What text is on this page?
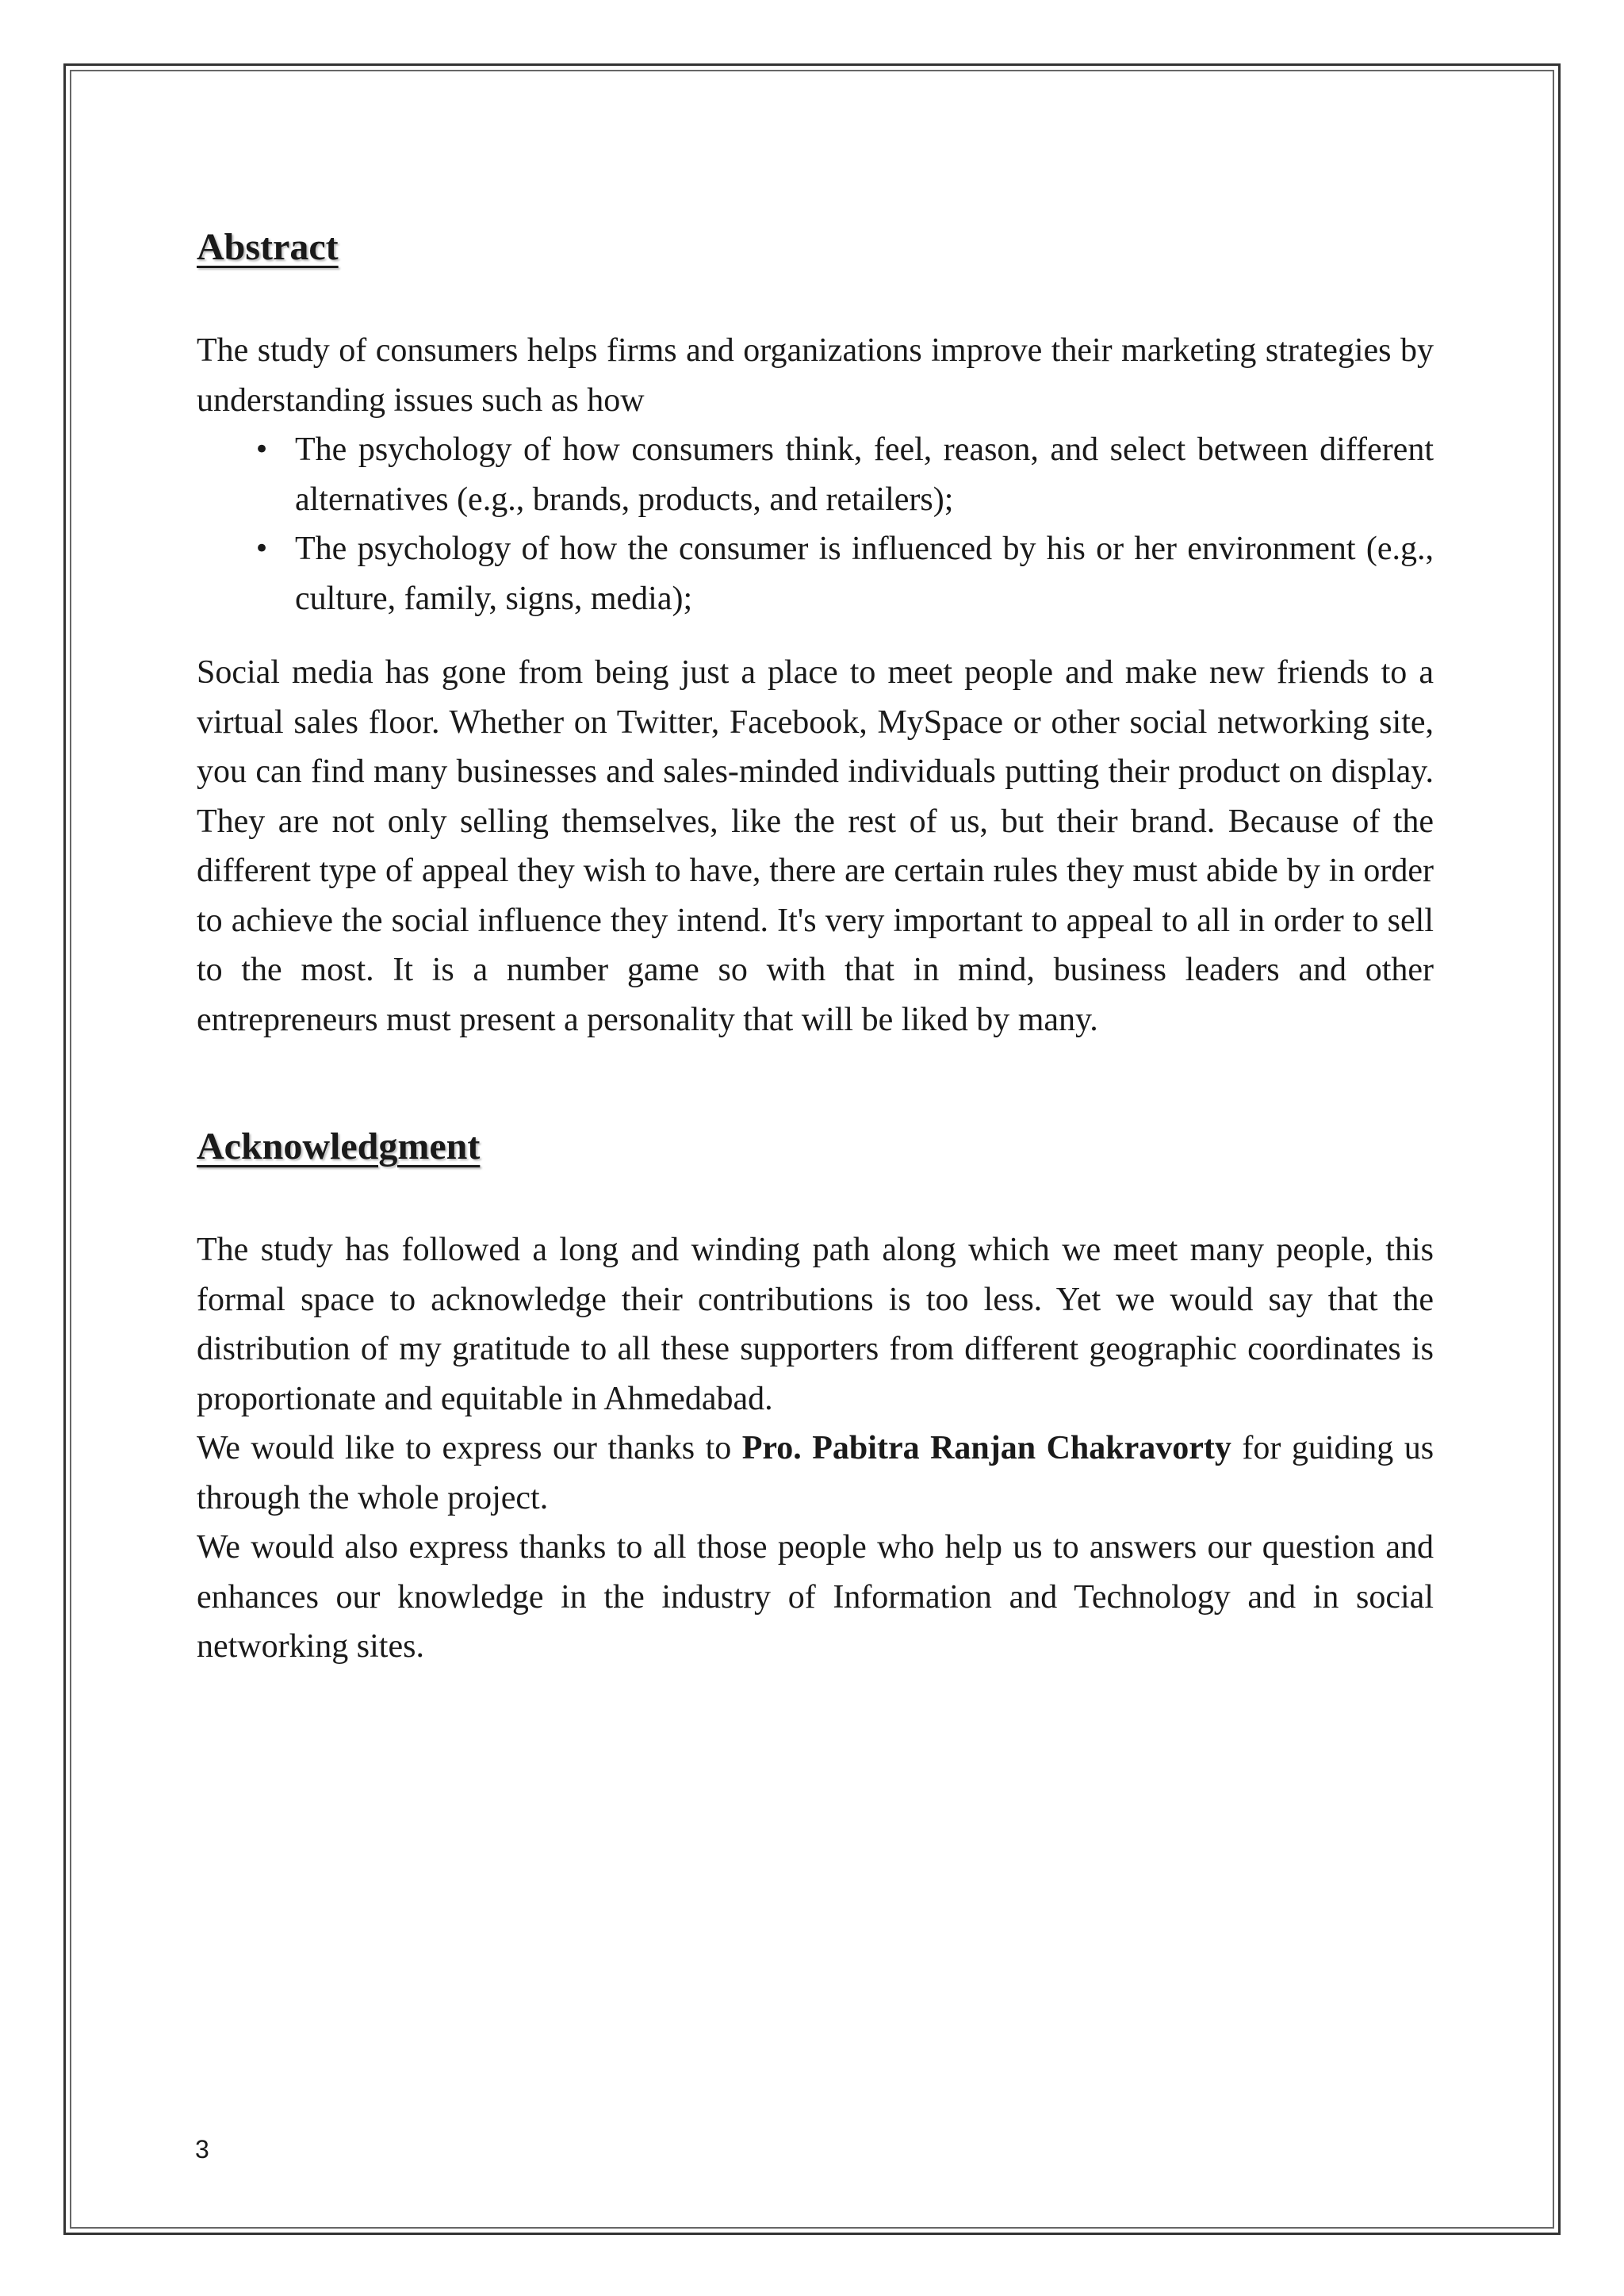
Abstract

The study of consumers helps firms and organizations improve their marketing strategies by understanding issues such as how

• The psychology of how consumers think, feel, reason, and select between different alternatives (e.g., brands, products, and retailers);
• The psychology of how the consumer is influenced by his or her environment (e.g., culture, family, signs, media);

Social media has gone from being just a place to meet people and make new friends to a virtual sales floor. Whether on Twitter, Facebook, MySpace or other social networking site, you can find many businesses and sales-minded individuals putting their product on display. They are not only selling themselves, like the rest of us, but their brand. Because of the different type of appeal they wish to have, there are certain rules they must abide by in order to achieve the social influence they intend. It's very important to appeal to all in order to sell to the most. It is a number game so with that in mind, business leaders and other entrepreneurs must present a personality that will be liked by many.

Acknowledgment

The study has followed a long and winding path along which we meet many people, this formal space to acknowledge their contributions is too less. Yet we would say that the distribution of my gratitude to all these supporters from different geographic coordinates is proportionate and equitable in Ahmedabad.

We would like to express our thanks to Pro. Pabitra Ranjan Chakravorty for guiding us through the whole project.

We would also express thanks to all those people who help us to answers our question and enhances our knowledge in the industry of Information and Technology and in social networking sites.

3
